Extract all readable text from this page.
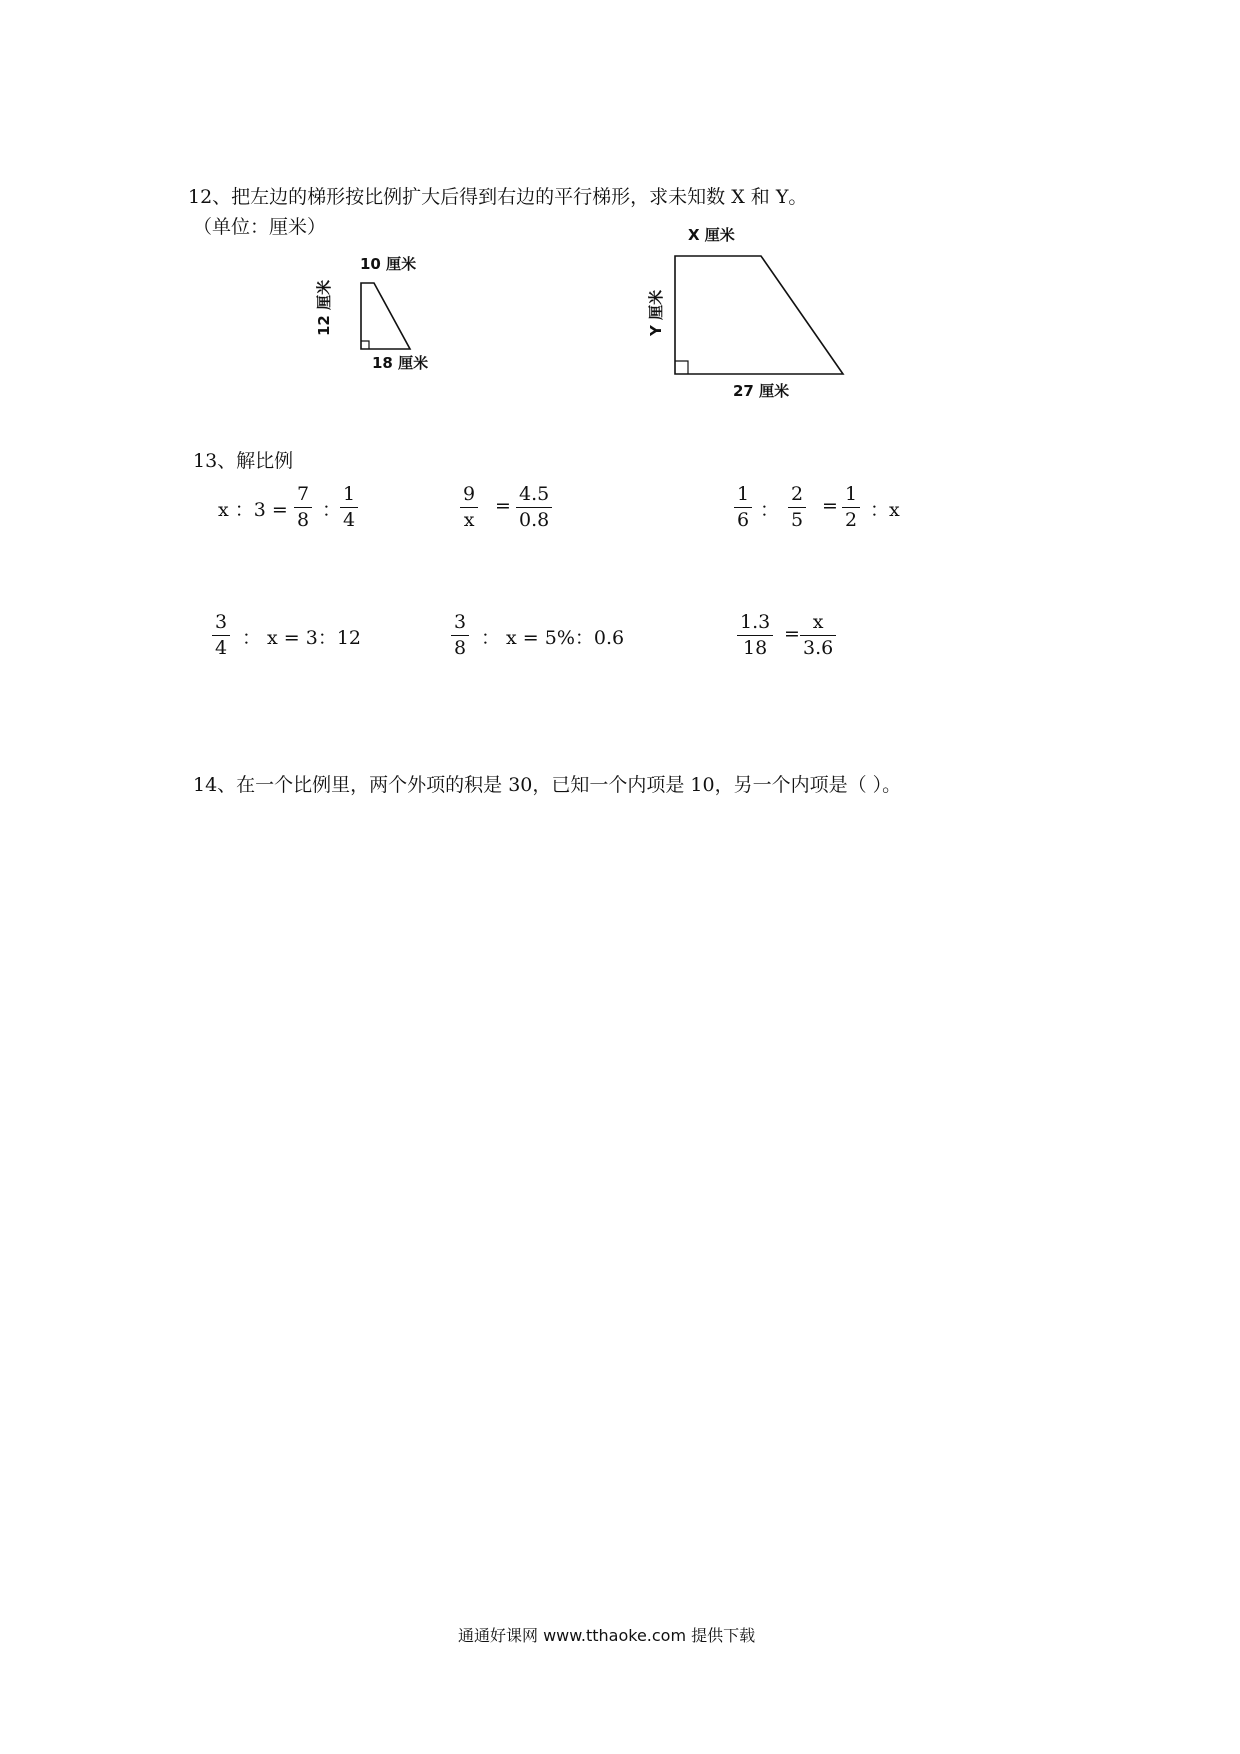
12、把左边的梯形按比例扩大后得到右边的平行梯形，求未知数 X 和 Y。
（单位：厘米）
10 厘米
12 厘米
18 厘米
X 厘米
Y 厘米
27 厘米
13、解比例
x ：3 =
7
8 ：
1
4
9
x
=
4.5
0.8
1
6 ：
2
5
=
1
2 ：x
3
4 ： x = 3：12
3
8 ： x = 5%：0.6
1.3
18
=
x
3.6
14、在一个比例里，两个外项的积是 30，已知一个内项是 10，另一个内项是（ ）。
通通好课网 www.tthaoke.com 提供下载
